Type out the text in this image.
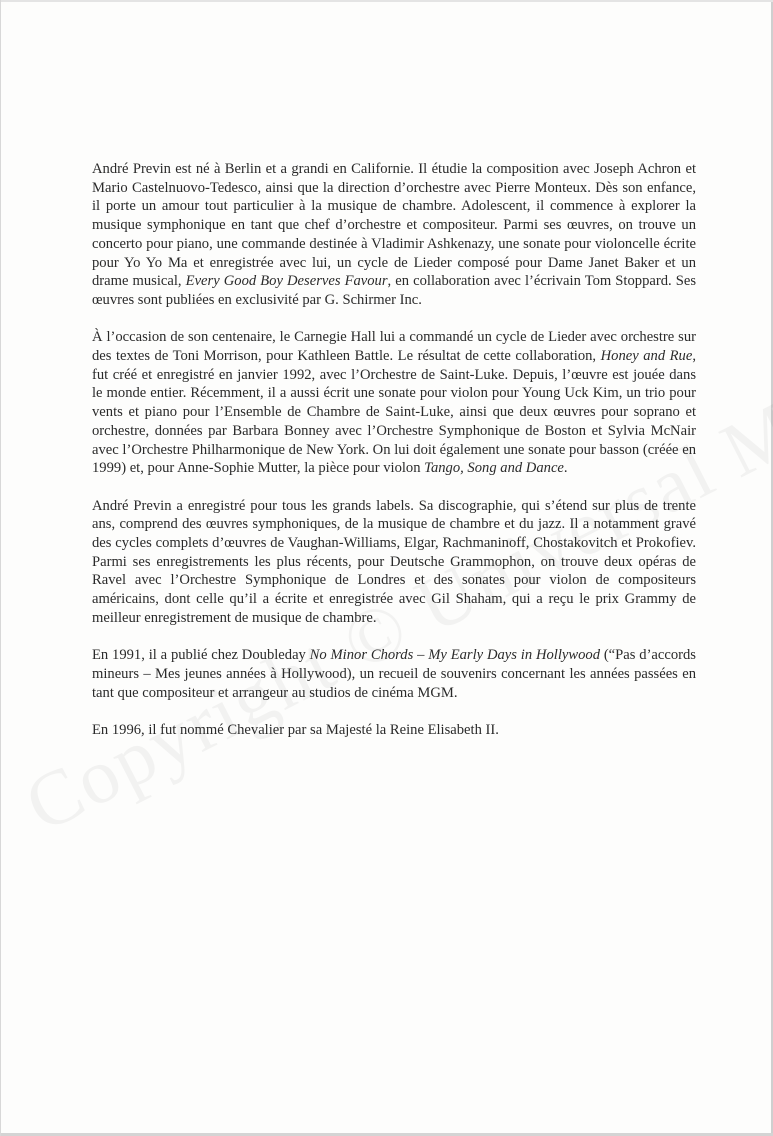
André Previn est né à Berlin et a grandi en Californie. Il étudie la composition avec Joseph Achron et Mario Castelnuovo-Tedesco, ainsi que la direction d’orchestre avec Pierre Monteux. Dès son enfance, il porte un amour tout particulier à la musique de chambre. Adolescent, il commence à explorer la musique symphonique en tant que chef d’orchestre et compositeur. Parmi ses œuvres, on trouve un concerto pour piano, une commande destinée à Vladimir Ashkenazy, une sonate pour violoncelle écrite pour Yo Yo Ma et enregistrée avec lui, un cycle de Lieder composé pour Dame Janet Baker et un drame musical, Every Good Boy Deserves Favour, en collaboration avec l’écrivain Tom Stoppard. Ses œuvres sont publiées en exclusivité par G. Schirmer Inc.

À l’occasion de son centenaire, le Carnegie Hall lui a commandé un cycle de Lieder avec orchestre sur des textes de Toni Morrison, pour Kathleen Battle. Le résultat de cette collaboration, Honey and Rue, fut créé et enregistré en janvier 1992, avec l’Orchestre de Saint-Luke. Depuis, l’œuvre est jouée dans le monde entier. Récemment, il a aussi écrit une sonate pour violon pour Young Uck Kim, un trio pour vents et piano pour l’Ensemble de Chambre de Saint-Luke, ainsi que deux œuvres pour soprano et orchestre, données par Barbara Bonney avec l’Orchestre Symphonique de Boston et Sylvia McNair avec l’Orchestre Philharmonique de New York. On lui doit également une sonate pour basson (créée en 1999) et, pour Anne-Sophie Mutter, la pièce pour violon Tango, Song and Dance.

André Previn a enregistré pour tous les grands labels. Sa discographie, qui s’étend sur plus de trente ans, comprend des œuvres symphoniques, de la musique de chambre et du jazz. Il a notamment gravé des cycles complets d’œuvres de Vaughan-Williams, Elgar, Rachmaninoff, Chostakovitch et Prokofiev. Parmi ses enregistrements les plus récents, pour Deutsche Grammophon, on trouve deux opéras de Ravel avec l’Orchestre Symphonique de Londres et des sonates pour violon de compositeurs américains, dont celle qu’il a écrite et enregistrée avec Gil Shaham, qui a reçu le prix Grammy de meilleur enregistrement de musique de chambre.

En 1991, il a publié chez Doubleday No Minor Chords – My Early Days in Hollywood (“Pas d’accords mineurs – Mes jeunes années à Hollywood), un recueil de souvenirs concernant les années passées en tant que compositeur et arrangeur au studios de cinéma MGM.

En 1996, il fut nommé Chevalier par sa Majesté la Reine Elisabeth II.
